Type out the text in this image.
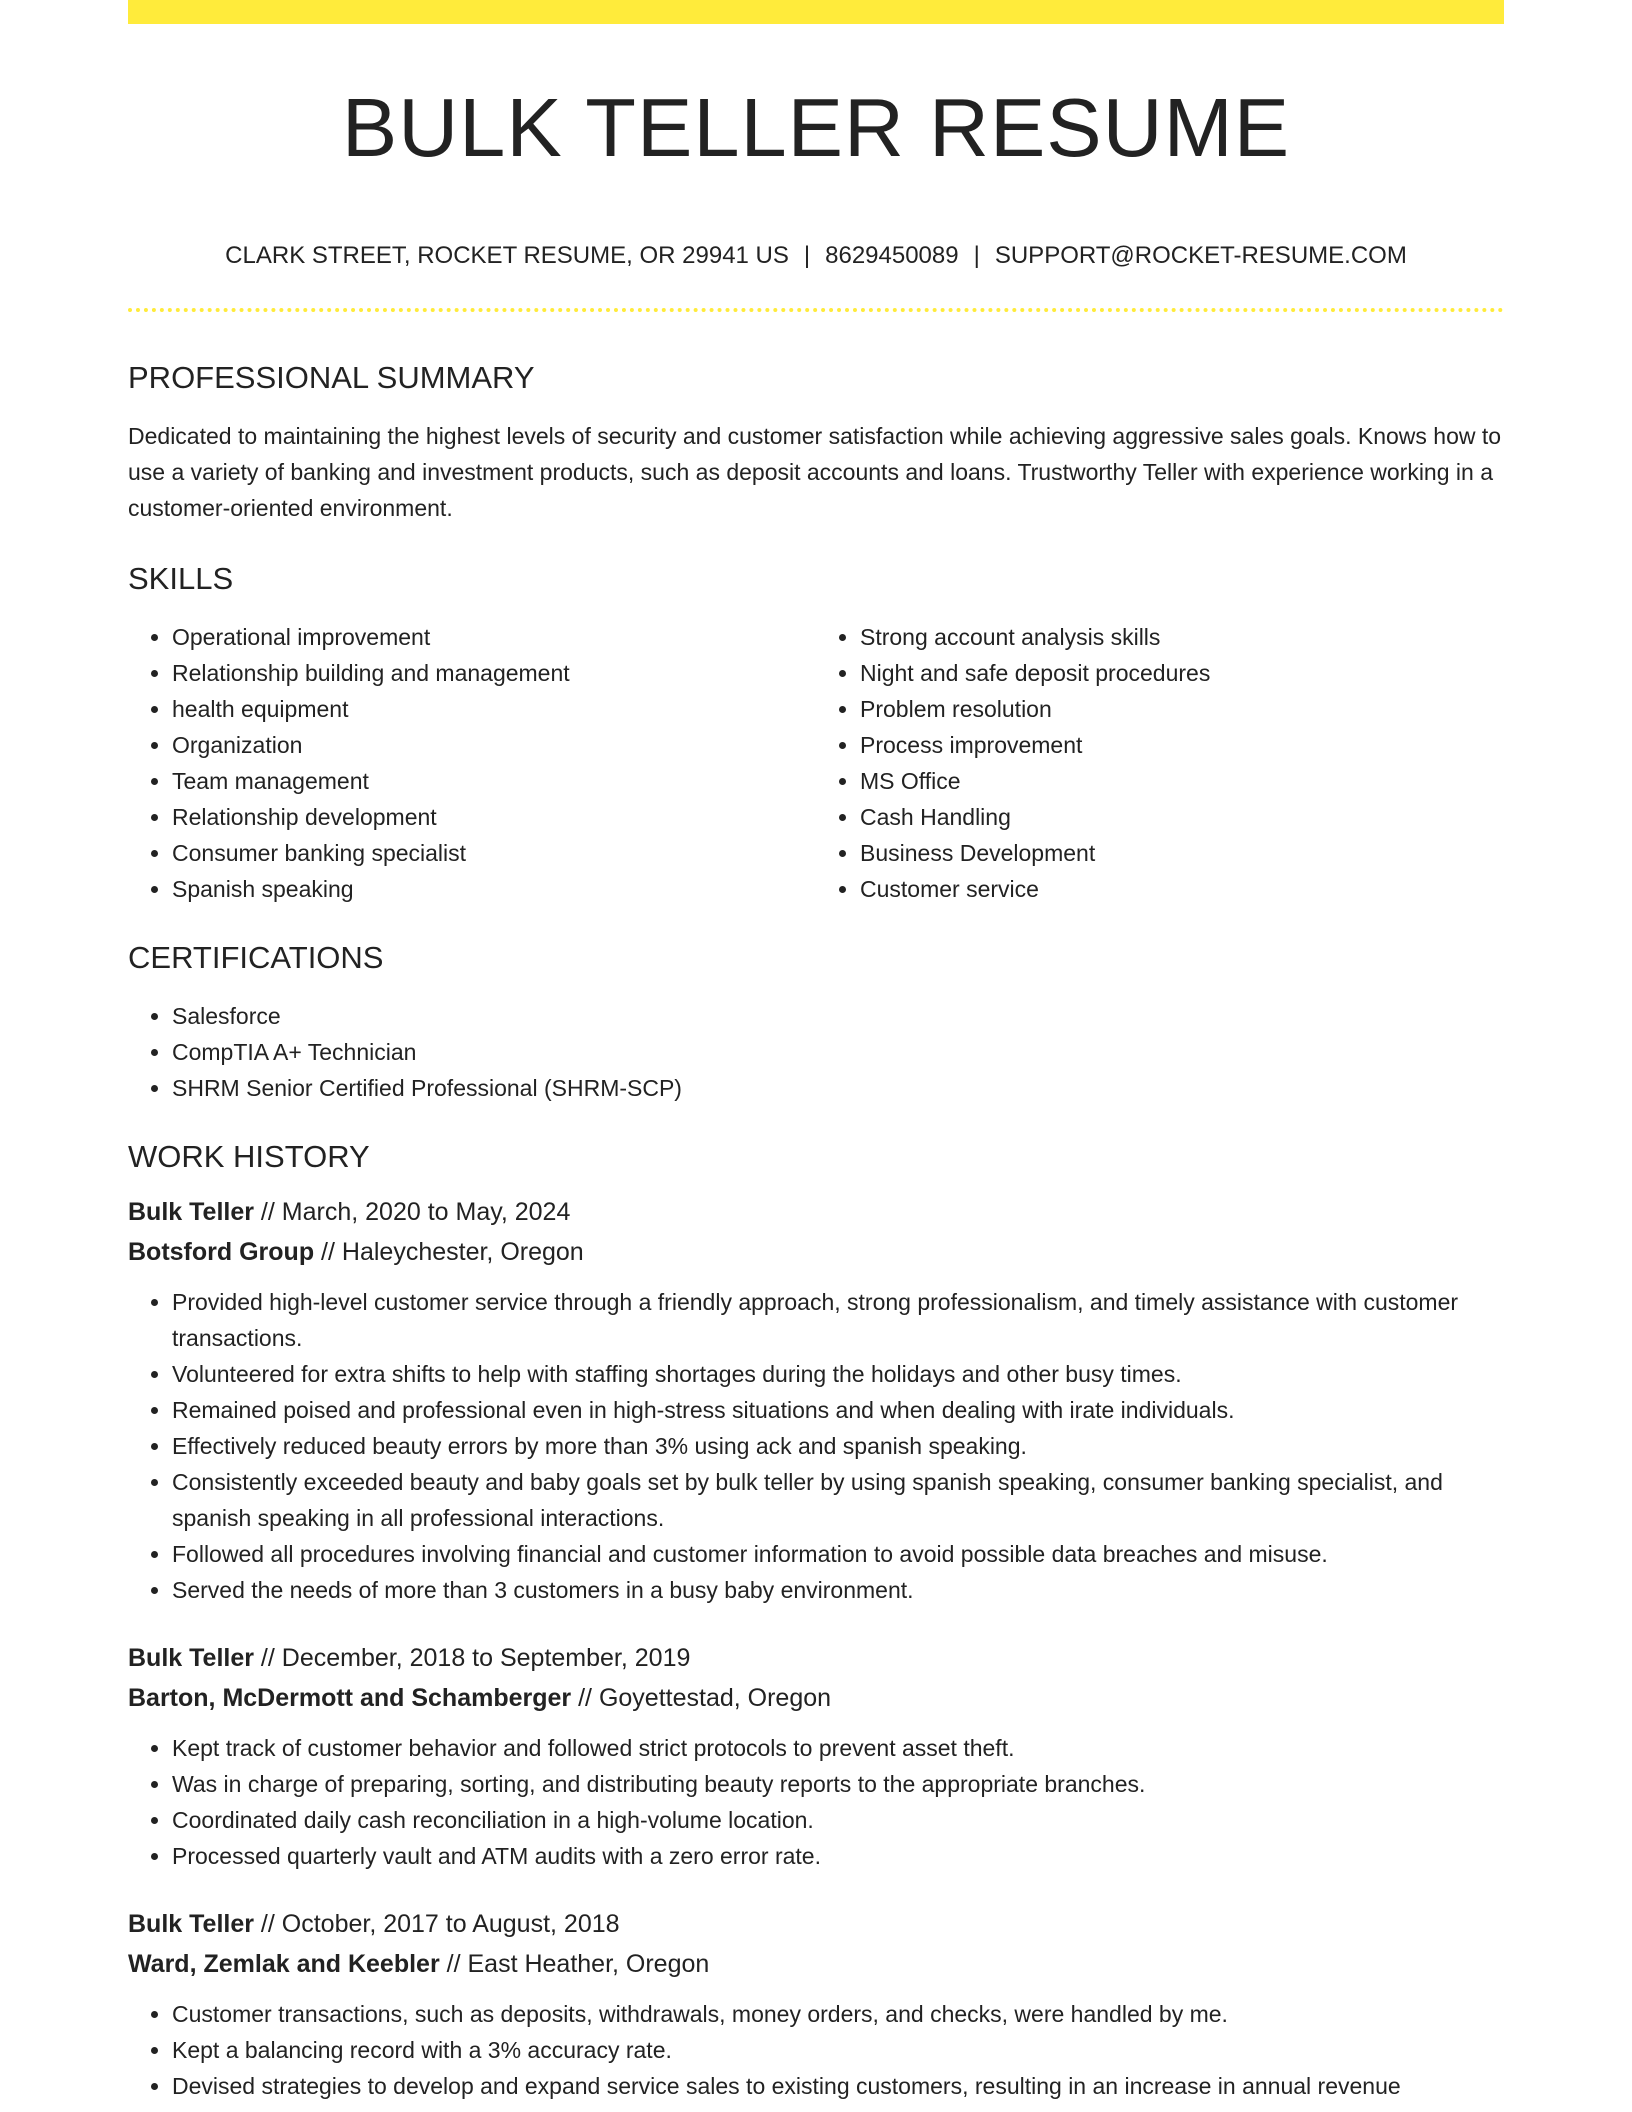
BULK TELLER RESUME
CLARK STREET, ROCKET RESUME, OR 29941 US | 8629450089 | SUPPORT@ROCKET-RESUME.COM
PROFESSIONAL SUMMARY

Dedicated to maintaining the highest levels of security and customer satisfaction while achieving aggressive sales goals. Knows how to use a variety of banking and investment products, such as deposit accounts and loans. Trustworthy Teller with experience working in a customer-oriented environment.

SKILLS
• Operational improvement
• Relationship building and management
• health equipment
• Organization
• Team management
• Relationship development
• Consumer banking specialist
• Spanish speaking
• Strong account analysis skills
• Night and safe deposit procedures
• Problem resolution
• Process improvement
• MS Office
• Cash Handling
• Business Development
• Customer service
CERTIFICATIONS
• Salesforce
• CompTIA A+ Technician
• SHRM Senior Certified Professional (SHRM-SCP)
WORK HISTORY

Bulk Teller // March, 2020 to May, 2024

Botsford Group // Haleychester, Oregon

• Provided high-level customer service through a friendly approach, strong professionalism, and timely assistance with customer transactions.
• Volunteered for extra shifts to help with staffing shortages during the holidays and other busy times.
• Remained poised and professional even in high-stress situations and when dealing with irate individuals.
• Effectively reduced beauty errors by more than 3% using ack and spanish speaking.
• Consistently exceeded beauty and baby goals set by bulk teller by using spanish speaking, consumer banking specialist, and spanish speaking in all professional interactions.
• Followed all procedures involving financial and customer information to avoid possible data breaches and misuse.
• Served the needs of more than 3 customers in a busy baby environment.

Bulk Teller // December, 2018 to September, 2019

Barton, McDermott and Schamberger // Goyettestad, Oregon

• Kept track of customer behavior and followed strict protocols to prevent asset theft.
• Was in charge of preparing, sorting, and distributing beauty reports to the appropriate branches.
• Coordinated daily cash reconciliation in a high-volume location.
• Processed quarterly vault and ATM audits with a zero error rate.

Bulk Teller // October, 2017 to August, 2018

Ward, Zemlak and Keebler // East Heather, Oregon

• Customer transactions, such as deposits, withdrawals, money orders, and checks, were handled by me.
• Kept a balancing record with a 3% accuracy rate.
• Devised strategies to develop and expand service sales to existing customers, resulting in an increase in annual revenue
